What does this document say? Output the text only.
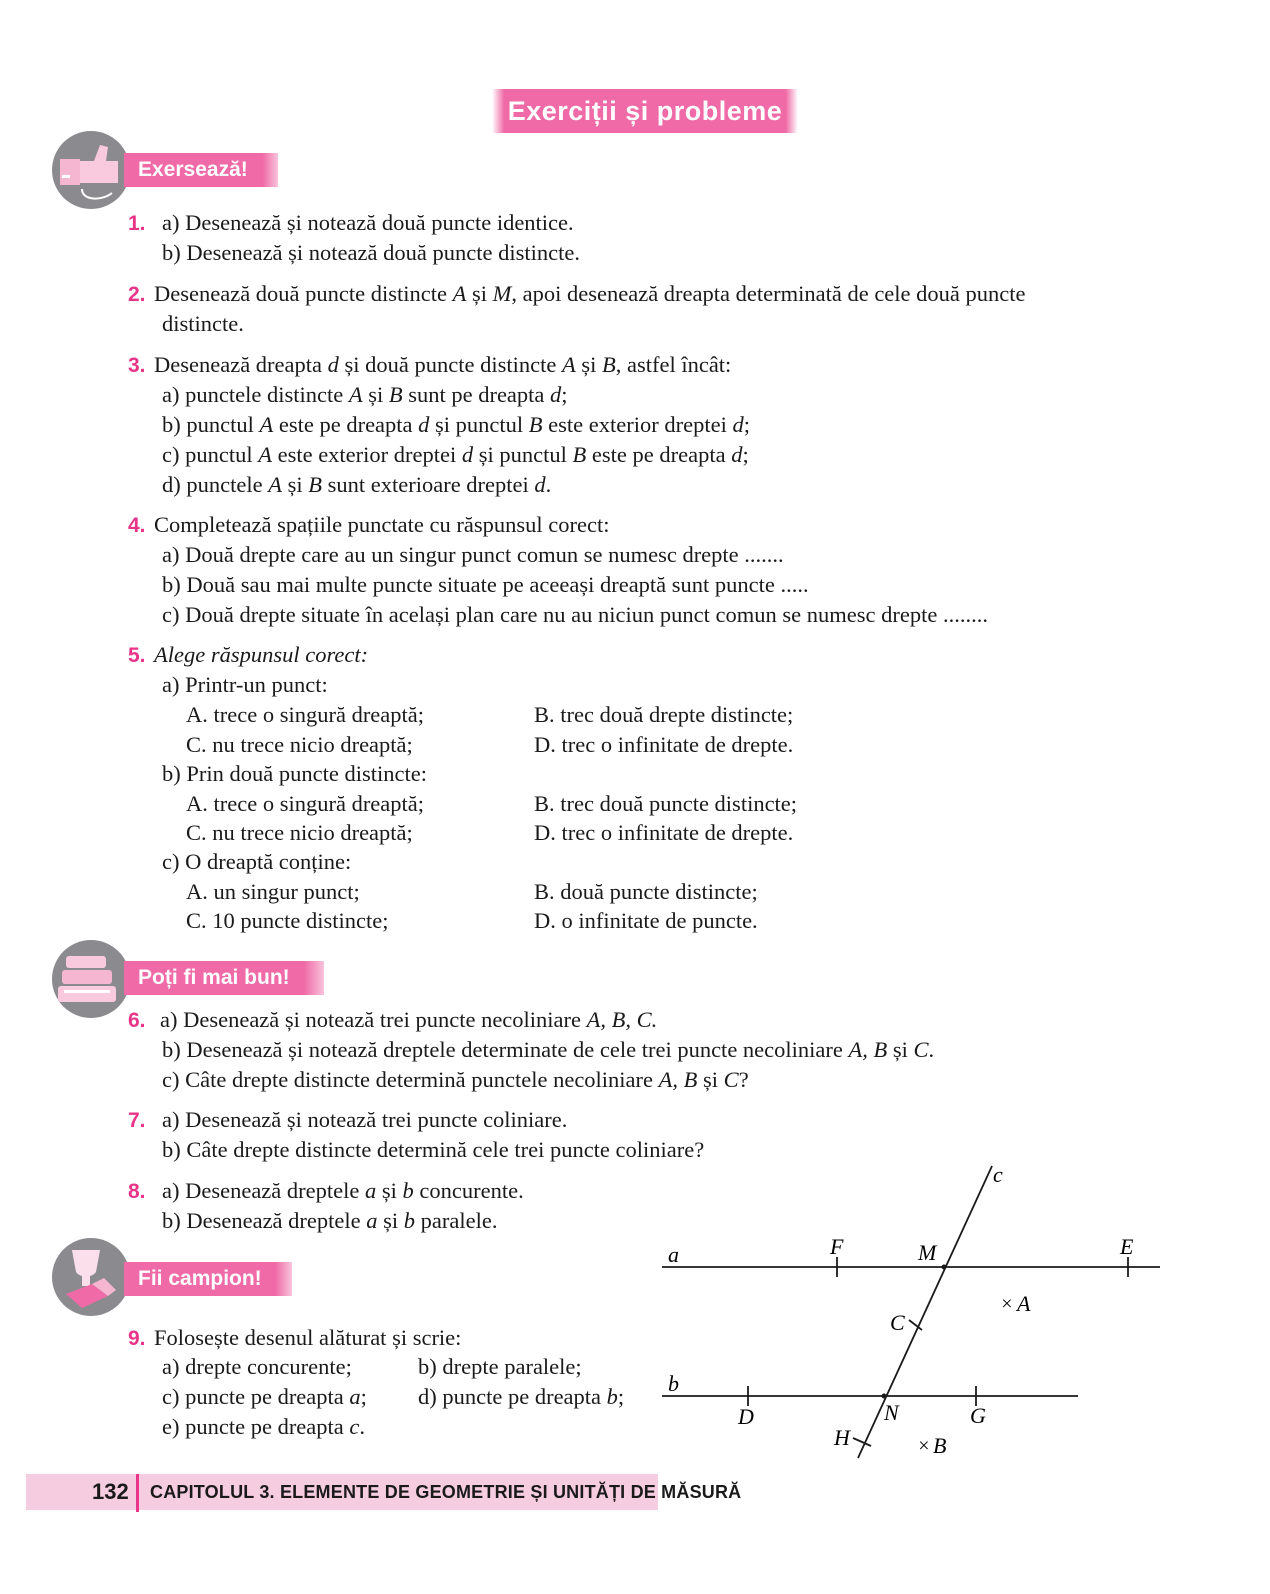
Exerciții și probleme
Exersează!
1. a) Desenează și notează două puncte identice.
b) Desenează și notează două puncte distincte.
2. Desenează două puncte distincte A și M, apoi desenează dreapta determinată de cele două puncte
distincte.
3. Desenează dreapta d și două puncte distincte A și B, astfel încât:
a) punctele distincte A și B sunt pe dreapta d;
b) punctul A este pe dreapta d și punctul B este exterior dreptei d;
c) punctul A este exterior dreptei d și punctul B este pe dreapta d;
d) punctele A și B sunt exterioare dreptei d.
4. Completează spațiile punctate cu răspunsul corect:
a) Două drepte care au un singur punct comun se numesc drepte .......
b) Două sau mai multe puncte situate pe aceeași dreaptă sunt puncte .....
c) Două drepte situate în același plan care nu au niciun punct comun se numesc drepte ........
5. Alege răspunsul corect:
a) Printr-un punct:
A. trece o singură dreaptă;	B. trec două drepte distincte;
C. nu trece nicio dreaptă;	D. trec o infinitate de drepte.
b) Prin două puncte distincte:
A. trece o singură dreaptă;	B. trec două puncte distincte;
C. nu trece nicio dreaptă;	D. trec o infinitate de drepte.
c) O dreaptă conține:
A. un singur punct;	B. două puncte distincte;
C. 10 puncte distincte;	D. o infinitate de puncte.
Poți fi mai bun!
6. a) Desenează și notează trei puncte necoliniare A, B, C.
b) Desenează și notează dreptele determinate de cele trei puncte necoliniare A, B și C.
c) Câte drepte distincte determină punctele necoliniare A, B și C?
7. a) Desenează și notează trei puncte coliniare.
b) Câte drepte distincte determină cele trei puncte coliniare?
8. a) Desenează dreptele a și b concurente.
b) Desenează dreptele a și b paralele.
Fii campion!
9. Folosește desenul alăturat și scrie:
a) drepte concurente;	b) drepte paralele;
c) puncte pe dreapta a; d) puncte pe dreapta b;
e) puncte pe dreapta c.
a
b
c
F	M	E
× A
C
D	N	G
H	× B
132 CAPITOLUL 3. ELEMENTE DE GEOMETRIE ȘI UNITĂȚI DE MĂSURĂ
